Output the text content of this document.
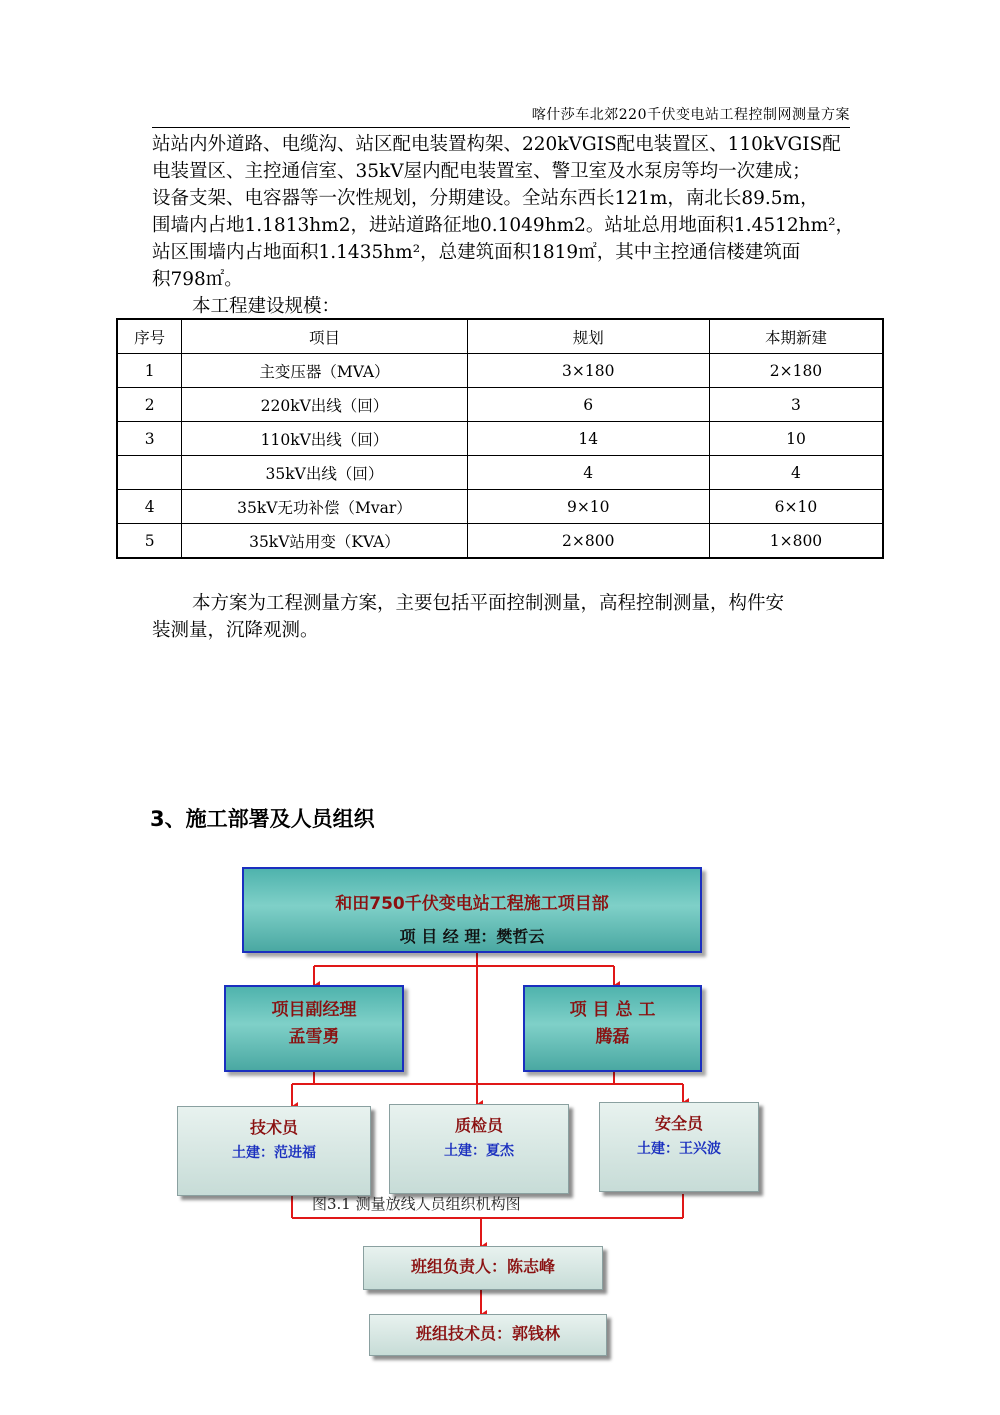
喀什莎车北郊220千伏变电站工程控制网测量方案
站站内外道路、电缆沟、站区配电装置构架、220kVGIS配电装置区、110kVGIS配
电装置区、主控通信室、35kV屋内配电装置室、警卫室及水泵房等均一次建成；
设备支架、电容器等一次性规划，分期建设。全站东西长121m，南北长89.5m，
围墙内占地1.1813hm2，进站道路征地0.1049hm2。站址总用地面积1.4512hm²，
站区围墙内占地面积1.1435hm²，总建筑面积1819㎡，其中主控通信楼建筑面
积798㎡。
本工程建设规模：
序号	项目	规划	本期新建
1	主变压器（MVA）	3×180	2×180
2	220kV出线（回）	6	3
3	110kV出线（回）	14	10
	35kV出线（回）	4	4
4	35kV无功补偿（Mvar）	9×10	6×10
5	35kV站用变（KVA）	2×800	1×800
本方案为工程测量方案，主要包括平面控制测量，高程控制测量，构件安
装测量，沉降观测。
3、施工部署及人员组织
和田750千伏变电站工程施工项目部
项 目 经 理：樊哲云
项目副经理
孟雪勇
项 目 总 工
腾磊
技术员
土建：范进福
质检员
土建：夏杰
安全员
土建：王兴波
图3.1 测量放线人员组织机构图
班组负责人：陈志峰
班组技术员：郭钱林
